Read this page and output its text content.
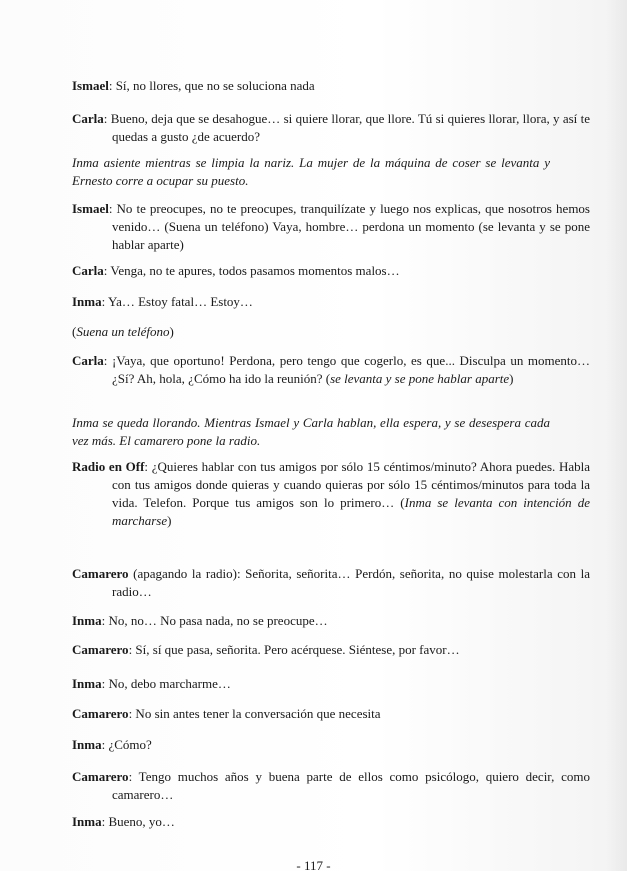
Ismael: Sí, no llores, que no se soluciona nada

Carla: Bueno, deja que se desahogue… si quiere llorar, que llore. Tú si quieres llorar, llora, y así te quedas a gusto ¿de acuerdo?

Inma asiente mientras se limpia la nariz. La mujer de la máquina de coser se levanta y Ernesto corre a ocupar su puesto.

Ismael: No te preocupes, no te preocupes, tranquilízate y luego nos explicas, que nosotros hemos venido… (Suena un teléfono) Vaya, hombre… perdona un momento (se levanta y se pone hablar aparte)

Carla: Venga, no te apures, todos pasamos momentos malos…

Inma: Ya… Estoy fatal… Estoy…

(Suena un teléfono)

Carla: ¡Vaya, que oportuno! Perdona, pero tengo que cogerlo, es que... Disculpa un momento… ¿Sí? Ah, hola, ¿Cómo ha ido la reunión? (se levanta y se pone hablar aparte)

Inma se queda llorando. Mientras Ismael y Carla hablan, ella espera, y se desespera cada vez más. El camarero pone la radio.

Radio en Off: ¿Quieres hablar con tus amigos por sólo 15 céntimos/minuto? Ahora puedes. Habla con tus amigos donde quieras y cuando quieras por sólo 15 céntimos/minutos para toda la vida. Telefon. Porque tus amigos son lo primero… (Inma se levanta con intención de marcharse)

Camarero (apagando la radio): Señorita, señorita… Perdón, señorita, no quise molestarla con la radio…

Inma: No, no… No pasa nada, no se preocupe…

Camarero: Sí, sí que pasa, señorita. Pero acérquese. Siéntese, por favor…

Inma: No, debo marcharme…

Camarero: No sin antes tener la conversación que necesita

Inma: ¿Cómo?

Camarero: Tengo muchos años y buena parte de ellos como psicólogo, quiero decir, como camarero…

Inma: Bueno, yo…

- 117 -
